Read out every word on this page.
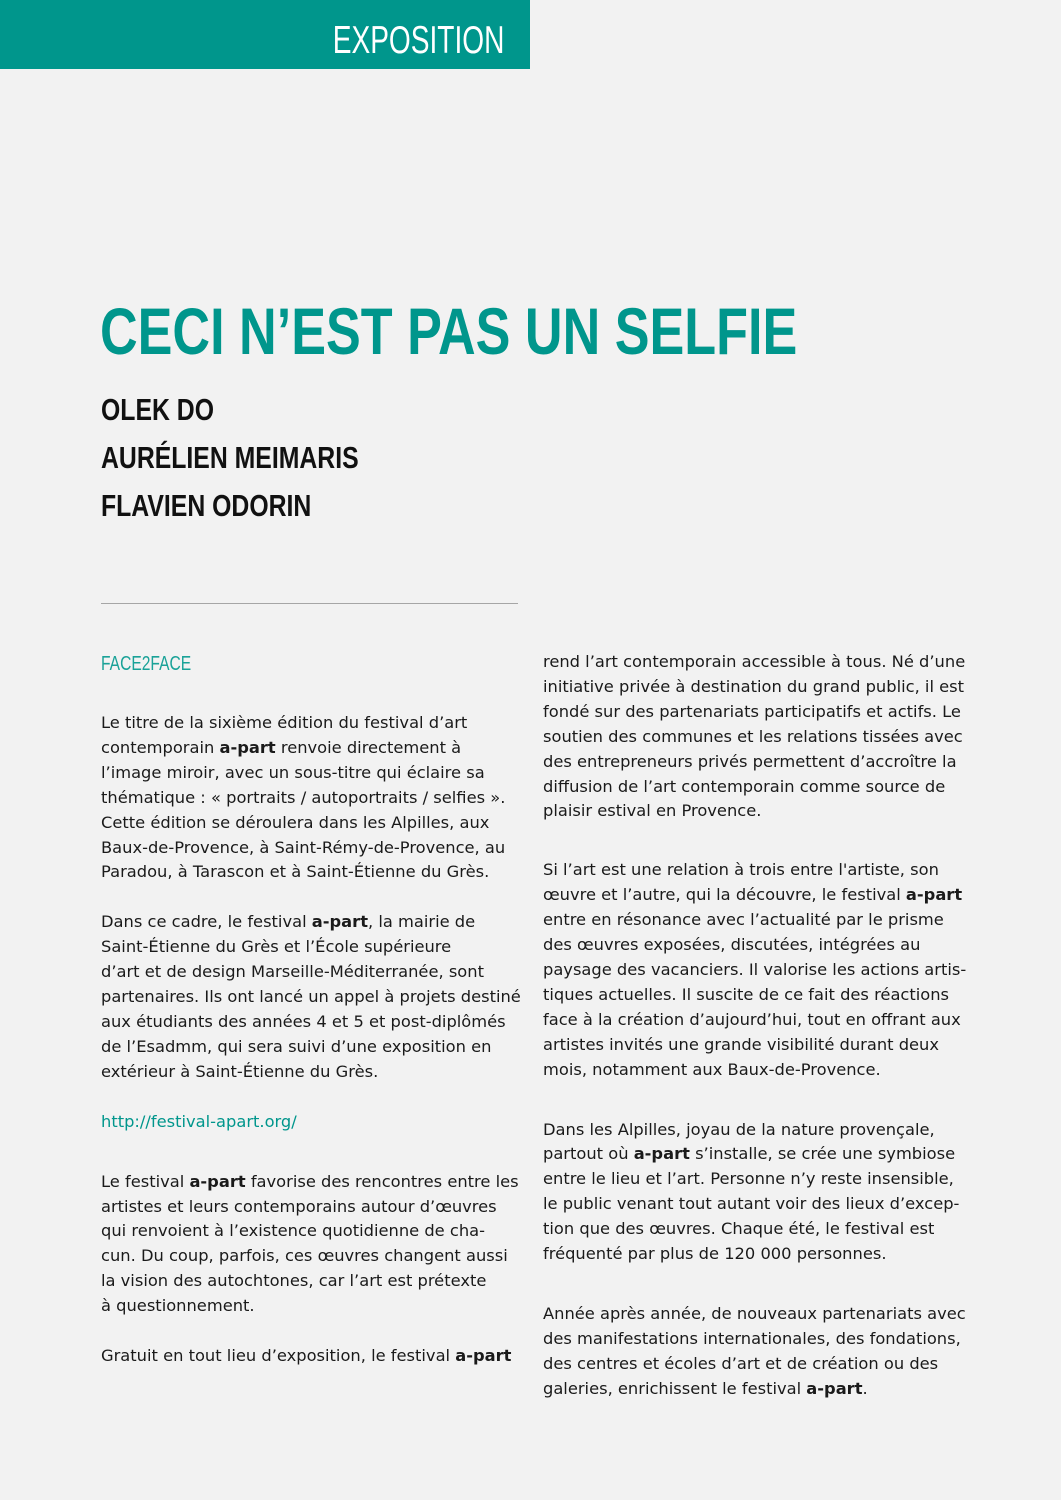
EXPOSITION
CECI N’EST PAS UN SELFIE
OLEK DO
AURÉLIEN MEIMARIS
FLAVIEN ODORIN
FACE2FACE
Le titre de la sixième édition du festival d’art
contemporain a-part renvoie directement à
l’image miroir, avec un sous-titre qui éclaire sa
thématique : « portraits / autoportraits / selfies ».
Cette édition se déroulera dans les Alpilles, aux
Baux-de-Provence, à Saint-Rémy-de-Provence, au
Paradou, à Tarascon et à Saint-Étienne du Grès.
Dans ce cadre, le festival a-part, la mairie de
Saint-Étienne du Grès et l’École supérieure
d’art et de design Marseille-Méditerranée, sont
partenaires. Ils ont lancé un appel à projets destiné
aux étudiants des années 4 et 5 et post-diplômés
de l’Esadmm, qui sera suivi d’une exposition en
extérieur à Saint-Étienne du Grès.
http://festival-apart.org/
Le festival a-part favorise des rencontres entre les
artistes et leurs contemporains autour d’œuvres
qui renvoient à l’existence quotidienne de cha-
cun. Du coup, parfois, ces œuvres changent aussi
la vision des autochtones, car l’art est prétexte
à questionnement.
Gratuit en tout lieu d’exposition, le festival a-part
rend l’art contemporain accessible à tous. Né d’une
initiative privée à destination du grand public, il est
fondé sur des partenariats participatifs et actifs. Le
soutien des communes et les relations tissées avec
des entrepreneurs privés permettent d’accroître la
diffusion de l’art contemporain comme source de
plaisir estival en Provence.
Si l’art est une relation à trois entre l'artiste, son
œuvre et l’autre, qui la découvre, le festival a-part
entre en résonance avec l’actualité par le prisme
des œuvres exposées, discutées, intégrées au
paysage des vacanciers. Il valorise les actions artis-
tiques actuelles. Il suscite de ce fait des réactions
face à la création d’aujourd’hui, tout en offrant aux
artistes invités une grande visibilité durant deux
mois, notamment aux Baux-de-Provence.
Dans les Alpilles, joyau de la nature provençale,
partout où a-part s’installe, se crée une symbiose
entre le lieu et l’art. Personne n’y reste insensible,
le public venant tout autant voir des lieux d’excep-
tion que des œuvres. Chaque été, le festival est
fréquenté par plus de 120 000 personnes.
Année après année, de nouveaux partenariats avec
des manifestations internationales, des fondations,
des centres et écoles d’art et de création ou des
galeries, enrichissent le festival a-part.
